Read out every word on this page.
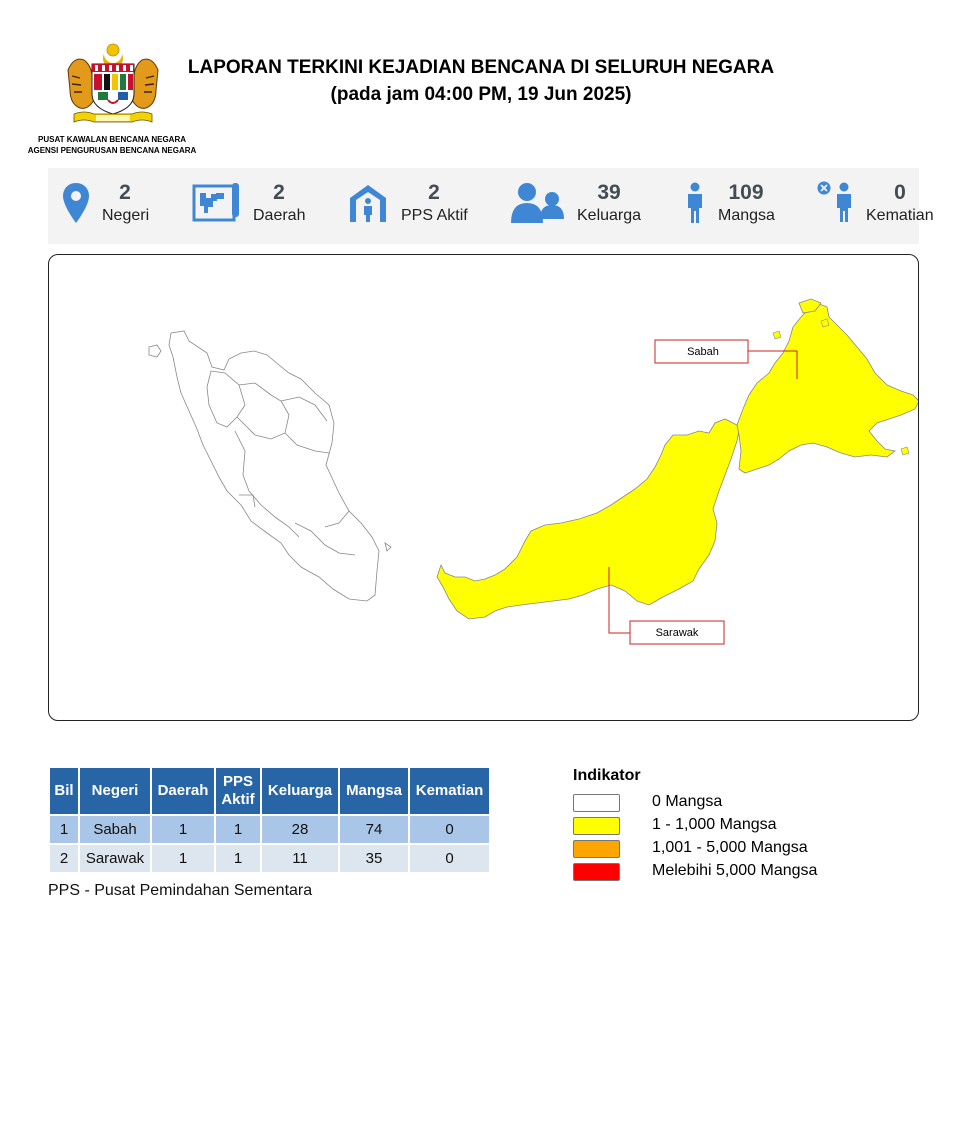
PUSAT KAWALAN BENCANA NEGARA
AGENSI PENGURUSAN BENCANA NEGARA
LAPORAN TERKINI KEJADIAN BENCANA DI SELURUH NEGARA
(pada jam 04:00 PM, 19 Jun 2025)
2
Negeri
2
Daerah
2
PPS Aktif
39
Keluarga
109
Mangsa
0
Kematian
Sabah
Sarawak
Bil	Negeri	Daerah	PPS Aktif	Keluarga	Mangsa	Kematian
1	Sabah	1	1	28	74	0
2	Sarawak	1	1	11	35	0
PPS - Pusat Pemindahan Sementara
Indikator
0 Mangsa
1 - 1,000 Mangsa
1,001 - 5,000 Mangsa
Melebihi 5,000 Mangsa
